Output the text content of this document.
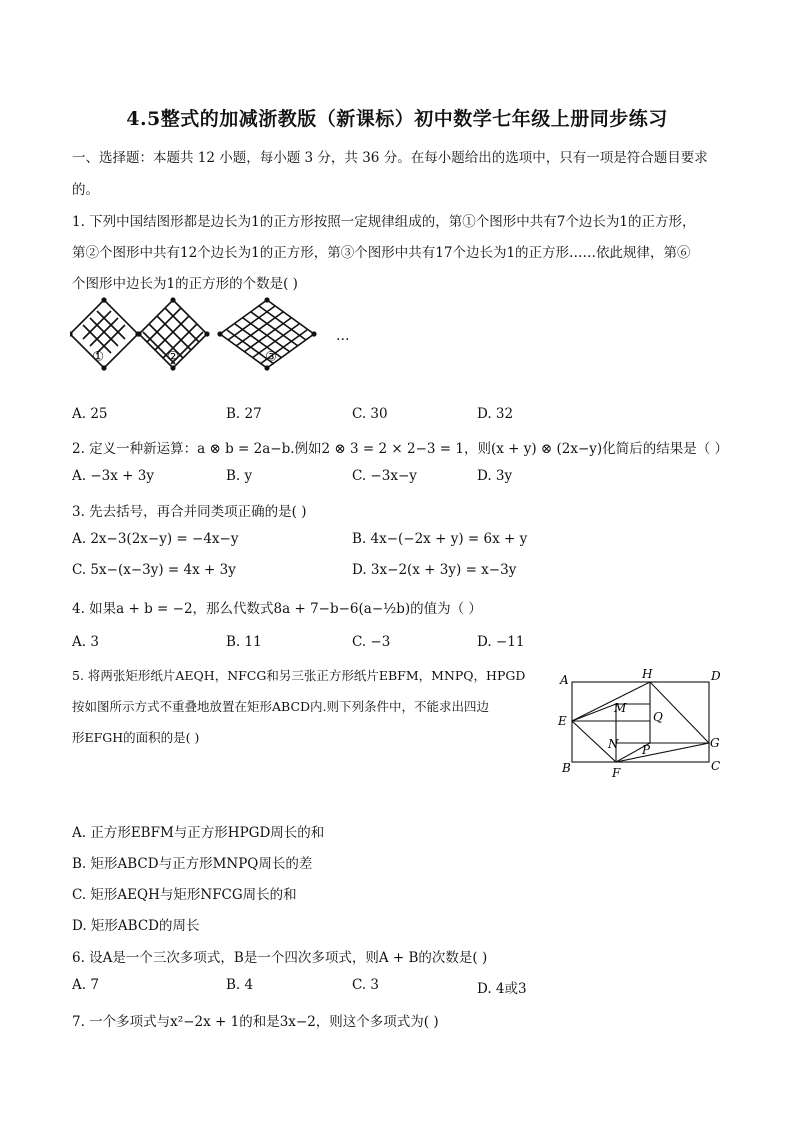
4.5整式的加减浙教版（新课标）初中数学七年级上册同步练习
一、选择题：本题共 12 小题，每小题 3 分，共 36 分。在每小题给出的选项中，只有一项是符合题目要求
的。
1. 下列中国结图形都是边长为1的正方形按照一定规律组成的，第①个图形中共有7个边长为1的正方形，
第②个图形中共有12个边长为1的正方形，第③个图形中共有17个边长为1的正方形……依此规律，第⑥
个图形中边长为1的正方形的个数是( )
…
①	②	③
A. 25	B. 27	C. 30	D. 32
2. 定义一种新运算：a ⊗ b = 2a−b.例如2 ⊗ 3 = 2 × 2−3 = 1，则(x + y) ⊗ (2x−y)化简后的结果是（ ）
A. −3x + 3y	B. y	C. −3x−y	D. 3y
3. 先去括号，再合并同类项正确的是( )
A. 2x−3(2x−y) = −4x−y	B. 4x−(−2x + y) = 6x + y
C. 5x−(x−3y) = 4x + 3y	D. 3x−2(x + 3y) = x−3y
4. 如果a + b = −2，那么代数式8a + 7−b−6(a−½b)的值为（ ）
A. 3	B. 11	C. −3	D. −11
5. 将两张矩形纸片AEQH，NFCG和另三张正方形纸片EBFM，MNPQ，HPGD
按如图所示方式不重叠地放置在矩形ABCD内.则下列条件中，不能求出四边
形EFGH的面积的是( )
A	H	D
E
M
Q
G
N P
B	F	C
A. 正方形EBFM与正方形HPGD周长的和
B. 矩形ABCD与正方形MNPQ周长的差
C. 矩形AEQH与矩形NFCG周长的和
D. 矩形ABCD的周长
6. 设A是一个三次多项式，B是一个四次多项式，则A + B的次数是( )
A. 7	B. 4	C. 3	D. 4或3
7. 一个多项式与x²−2x + 1的和是3x−2，则这个多项式为( )
